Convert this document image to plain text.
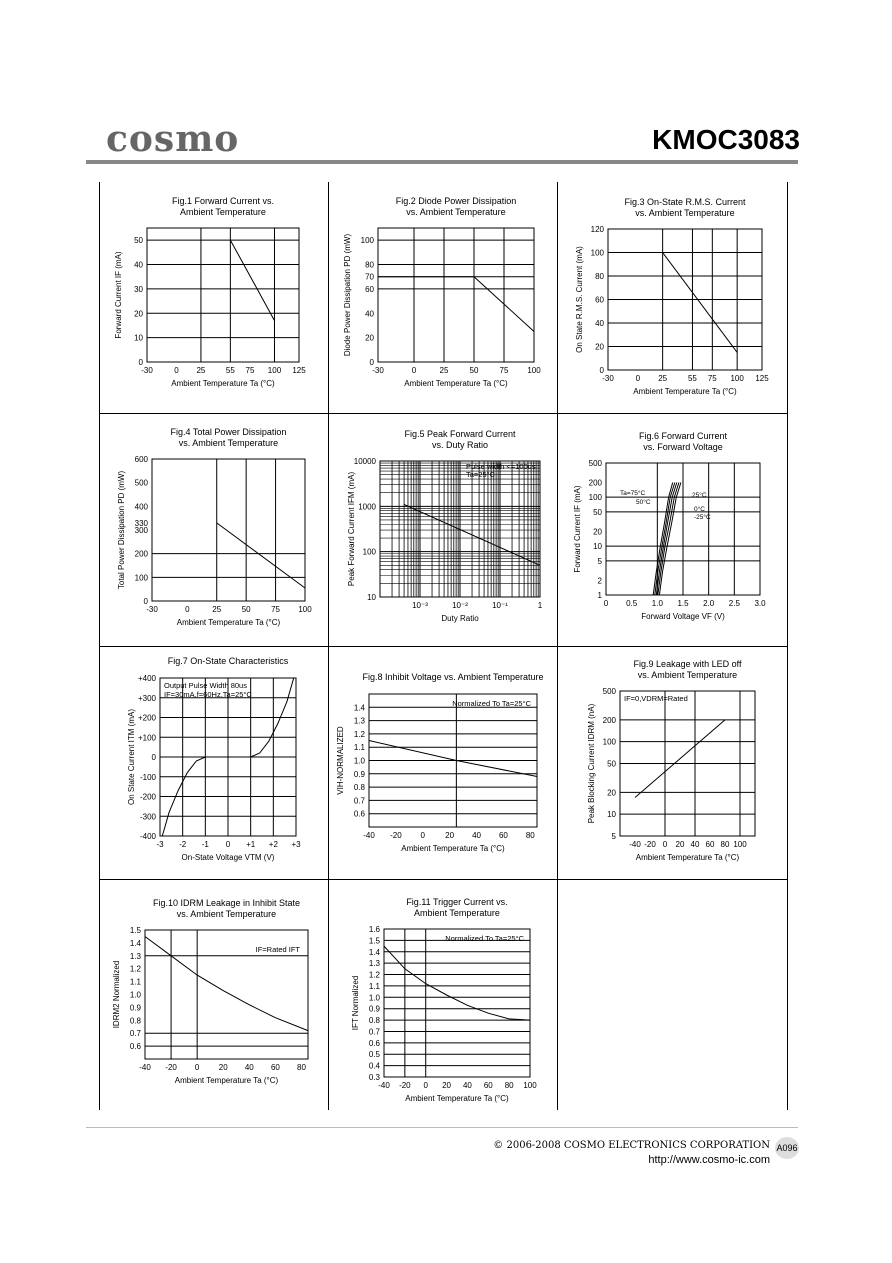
cosmo	KMOC3083
-30	0 25	55 75 100 125
0
10
20
30
40
50
Fig.1 Forward Current vs.
Ambient Temperature
Ambient Temperature Ta (°C)
Forward Current IF (mA)
-30	0	25	50	75 100
0
20
40
60
70
80
100
Fig.2 Diode Power Dissipation
vs. Ambient Temperature
Ambient Temperature Ta (°C)
Diode Power Dissipation PD (mW)
-30	0 25	55 75 100 125
0
20
40
60
80
100
120
Fig.3 On-State R.M.S. Current
vs. Ambient Temperature
Ambient Temperature Ta (°C)
On State R.M.S. Current (mA)
-30	0	25	50	75 100
0
100
200
300
330
400
500
600
Fig.4 Total Power Dissipation
vs. Ambient Temperature
Ambient Temperature Ta (°C)
Total Power Dissipation PD (mW)
10⁻³	10⁻²	10⁻¹	1
10
100
1000
10000
Fig.5 Peak Forward Current
vs. Duty Ratio
Duty Ratio
Peak Forward Current IFM (mA)
Pulse width <=100us
Ta=25°C
0 0.5 1.0 1.5 2.0 2.5 3.0
1
2
5
10
20
50
100
200
500
Fig.6 Forward Current
vs. Forward Voltage
Forward Voltage VF (V)
Forward Current IF (mA)	Ta=75°C
50°C
25°C
0°C
-25°C
-3 -2 -1 0 +1 +2 +3
-400
-300
-200
-100
0
+100
+200
+300
+400
Fig.7 On-State Characteristics
On-State Voltage VTM (V)
On State Current ITM (mA)
Output Pulse Width 80us
IF=30mA,f=60Hz,Ta=25°C
-40 -20 0	20 40 60 80
0.6
0.7
0.8
0.9
1.0
1.1
1.2
1.3
1.4
Fig.8 Inhibit Voltage vs. Ambient Temperature
Ambient Temperature Ta (°C)
VIH-NORMALIZED
Normalized To Ta=25°C
-40 -20 0 20 40 60 80 100
5
10
20
50
100
200
500
Fig.9 Leakage with LED off
vs. Ambient Temperature
Ambient Temperature Ta (°C)
Peak Blocking Current IDRM (nA)
IF=0,VDRM=Rated
-40 -20 0 20 40 60 80
0.6
0.7
0.8
0.9
1.0
1.1
1.2
1.3
1.4
1.5
Fig.10 IDRM Leakage in Inhibit State
vs. Ambient Temperature
Ambient Temperature Ta (°C)
IDRM2 Normalized
IF=Rated IFT
-40 -20 0 20 40 60 80 100
0.3
0.4
0.5
0.6
0.7
0.8
0.9
1.0
1.1
1.2
1.3
1.4
1.5
1.6
Fig.11 Trigger Current vs.
Ambient Temperature
Ambient Temperature Ta (°C)
IFT Normalized
Normalized To Ta=25°C
© 2006-2008 COSMO ELECTRONICS CORPORATION
http://www.cosmo-ic.com
A096
